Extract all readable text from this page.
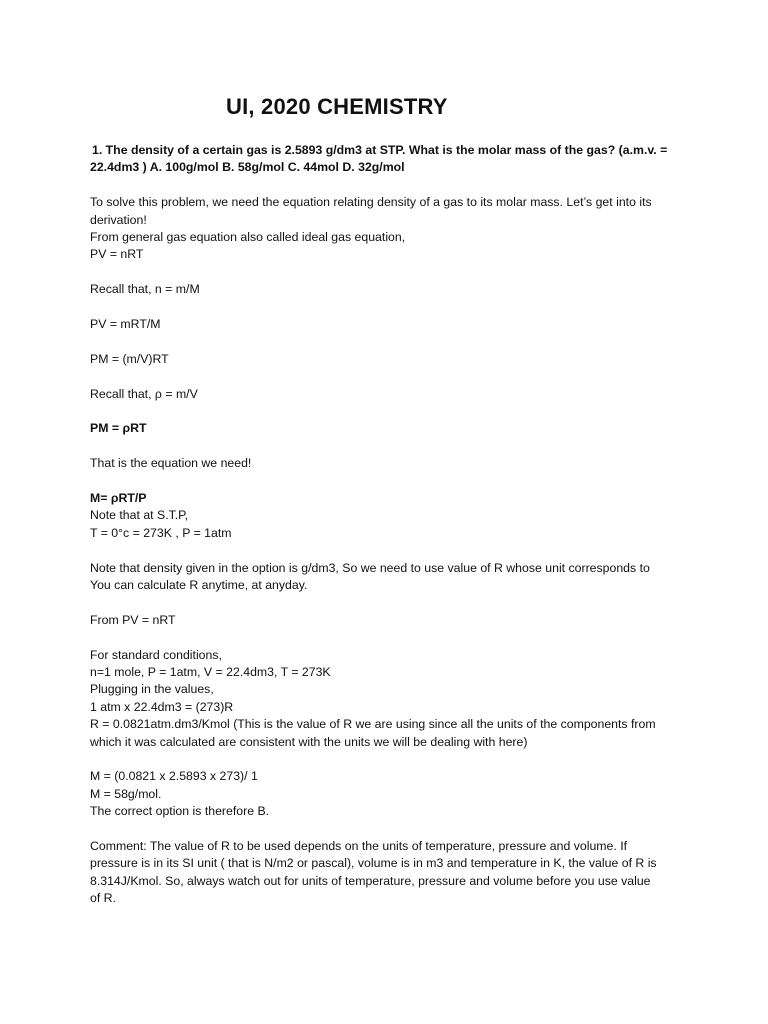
UI, 2020 CHEMISTRY
1. The density of a certain gas is 2.5893 g/dm3 at STP. What is the molar mass of the gas? (a.m.v. =
22.4dm3 ) A. 100g/mol B. 58g/mol C. 44mol D. 32g/mol
To solve this problem, we need the equation relating density of a gas to its molar mass. Let’s get into its
derivation!
From general gas equation also called ideal gas equation,
PV = nRT
Recall that, n = m/M
PV = mRT/M
PM = (m/V)RT
Recall that, ρ = m/V
PM = ρRT
That is the equation we need!
M= ρRT/P
Note that at S.T.P,
T = 0°c = 273K , P = 1atm
Note that density given in the option is g/dm3, So we need to use value of R whose unit corresponds to
You can calculate R anytime, at anyday.
From PV = nRT
For standard conditions,
n=1 mole, P = 1atm, V = 22.4dm3, T = 273K
Plugging in the values,
1 atm x 22.4dm3 = (273)R
R = 0.0821atm.dm3/Kmol (This is the value of R we are using since all the units of the components from
which it was calculated are consistent with the units we will be dealing with here)
M = (0.0821 x 2.5893 x 273)/ 1
M = 58g/mol.
The correct option is therefore B.
Comment: The value of R to be used depends on the units of temperature, pressure and volume. If
pressure is in its SI unit ( that is N/m2 or pascal), volume is in m3 and temperature in K, the value of R is
8.314J/Kmol. So, always watch out for units of temperature, pressure and volume before you use value
of R.
